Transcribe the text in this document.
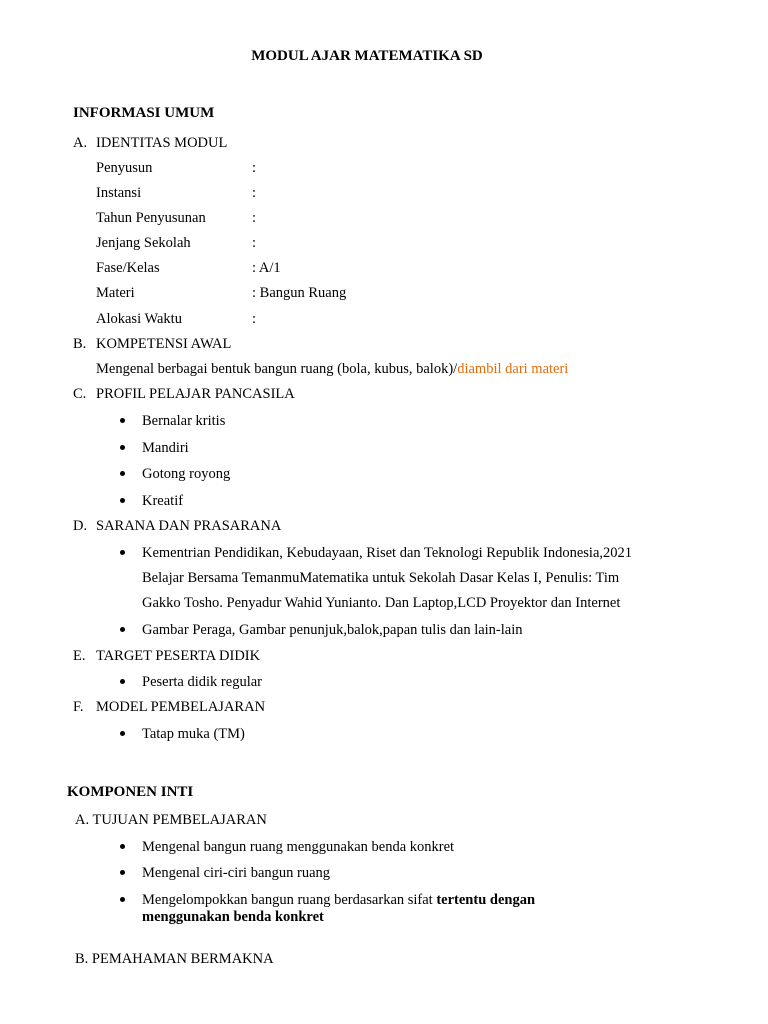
MODUL AJAR MATEMATIKA SD
INFORMASI UMUM
A. IDENTITAS MODUL
Penyusun	:
Instansi	:
Tahun Penyusunan	:
Jenjang Sekolah	:
Fase/Kelas	: A/1
Materi	: Bangun Ruang
Alokasi Waktu	:
B. KOMPETENSI AWAL
Mengenal berbagai bentuk bangun ruang (bola, kubus, balok)/diambil dari materi
C. PROFIL PELAJAR PANCASILA
Bernalar kritis
Mandiri
Gotong royong
Kreatif
D. SARANA DAN PRASARANA
Kementrian Pendidikan, Kebudayaan, Riset dan Teknologi Republik Indonesia,2021
Belajar Bersama TemanmuMatematika untuk Sekolah Dasar Kelas I, Penulis: Tim
Gakko Tosho. Penyadur Wahid Yunianto. Dan Laptop,LCD Proyektor dan Internet
Gambar Peraga, Gambar penunjuk,balok,papan tulis dan lain-lain
E. TARGET PESERTA DIDIK
Peserta didik regular
F. MODEL PEMBELAJARAN
Tatap muka (TM)
KOMPONEN INTI
A. TUJUAN PEMBELAJARAN
Mengenal bangun ruang menggunakan benda konkret
Mengenal ciri-ciri bangun ruang
Mengelompokkan bangun ruang berdasarkan sifat tertentu dengan
menggunakan benda konkret
B. PEMAHAMAN BERMAKNA
